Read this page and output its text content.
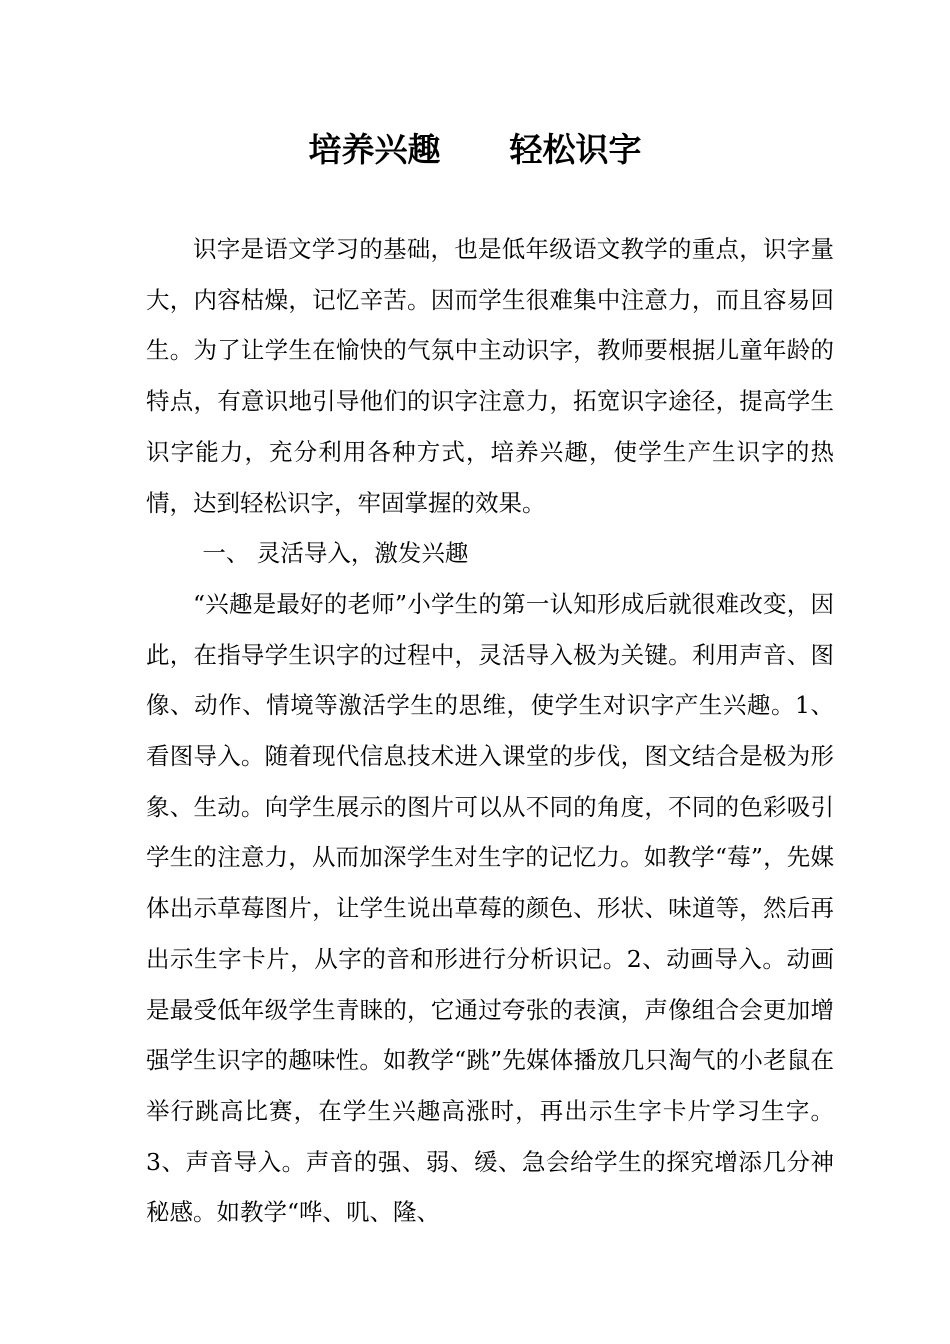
培养兴趣      轻松识字

识字是语文学习的基础，也是低年级语文教学的重点，识字量大，内容枯燥，记忆辛苦。因而学生很难集中注意力，而且容易回生。为了让学生在愉快的气氛中主动识字，教师要根据儿童年龄的特点，有意识地引导他们的识字注意力，拓宽识字途径，提高学生识字能力，充分利用各种方式，培养兴趣，使学生产生识字的热情，达到轻松识字，牢固掌握的效果。

一、 灵活导入，激发兴趣

“兴趣是最好的老师”小学生的第一认知形成后就很难改变，因此，在指导学生识字的过程中，灵活导入极为关键。利用声音、图像、动作、情境等激活学生的思维，使学生对识字产生兴趣。1、看图导入。随着现代信息技术进入课堂的步伐，图文结合是极为形象、生动。向学生展示的图片可以从不同的角度，不同的色彩吸引学生的注意力，从而加深学生对生字的记忆力。如教学“莓”，先媒体出示草莓图片，让学生说出草莓的颜色、形状、味道等，然后再出示生字卡片，从字的音和形进行分析识记。2、动画导入。动画是最受低年级学生青睐的，它通过夸张的表演，声像组合会更加增强学生识字的趣味性。如教学“跳”先媒体播放几只淘气的小老鼠在举行跳高比赛，在学生兴趣高涨时，再出示生字卡片学习生字。3、声音导入。声音的强、弱、缓、急会给学生的探究增添几分神秘感。如教学“哗、叽、隆、
